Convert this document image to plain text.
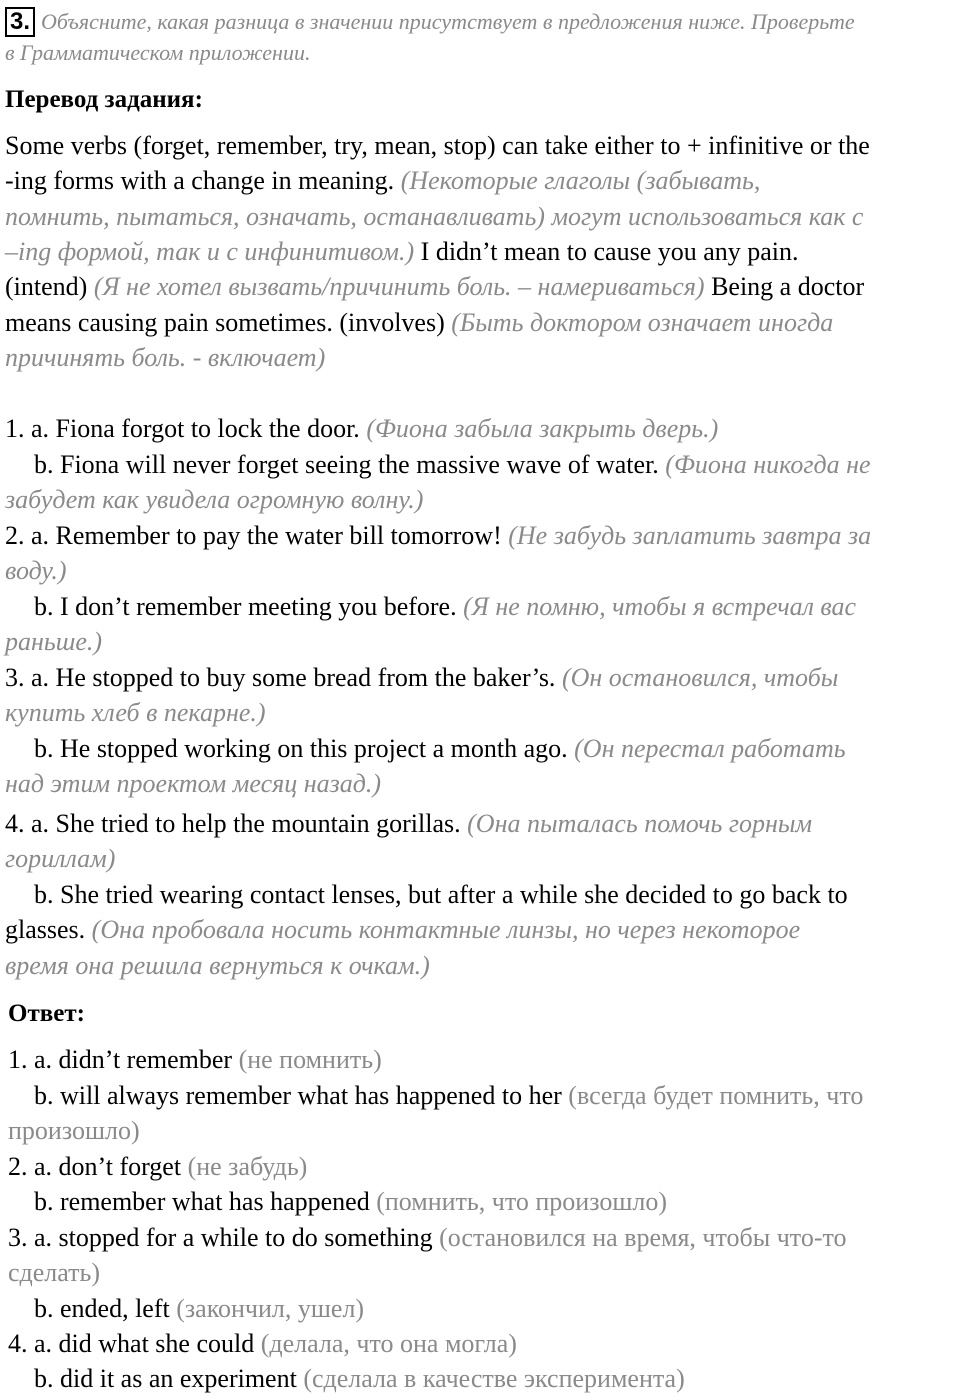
3. Объясните, какая разница в значении присутствует в предложения ниже. Проверьте
в Грамматическом приложении.
Перевод задания:
Some verbs (forget, remember, try, mean, stop) can take either to + infinitive or the
-ing forms with a change in meaning. (Некоторые глаголы (забывать,
помнить, пытаться, означать, останавливать) могут использоваться как с
–ing формой, так и с инфинитивом.) I didn’t mean to cause you any pain.
(intend) (Я не хотел вызвать/причинить боль. – намериваться) Being a doctor
means causing pain sometimes. (involves) (Быть доктором означает иногда
причинять боль. - включает)
1. a. Fiona forgot to lock the door. (Фиона забыла закрыть дверь.)
b. Fiona will never forget seeing the massive wave of water. (Фиона никогда не
забудет как увидела огромную волну.)
2. a. Remember to pay the water bill tomorrow! (Не забудь заплатить завтра за
воду.)
b. I don’t remember meeting you before. (Я не помню, чтобы я встречал вас
раньше.)
3. a. He stopped to buy some bread from the baker’s. (Он остановился, чтобы
купить хлеб в пекарне.)
b. He stopped working on this project a month ago. (Он перестал работать
над этим проектом месяц назад.)
4. a. She tried to help the mountain gorillas. (Она пыталась помочь горным
гориллам)
b. She tried wearing contact lenses, but after a while she decided to go back to
glasses. (Она пробовала носить контактные линзы, но через некоторое
время она решила вернуться к очкам.)
Ответ:
1. a. didn’t remember (не помнить)
b. will always remember what has happened to her (всегда будет помнить, что
произошло)
2. a. don’t forget (не забудь)
b. remember what has happened (помнить, что произошло)
3. a. stopped for a while to do something (остановился на время, чтобы что-то
сделать)
b. ended, left (закончил, ушел)
4. a. did what she could (делала, что она могла)
b. did it as an experiment (сделала в качестве эксперимента)
